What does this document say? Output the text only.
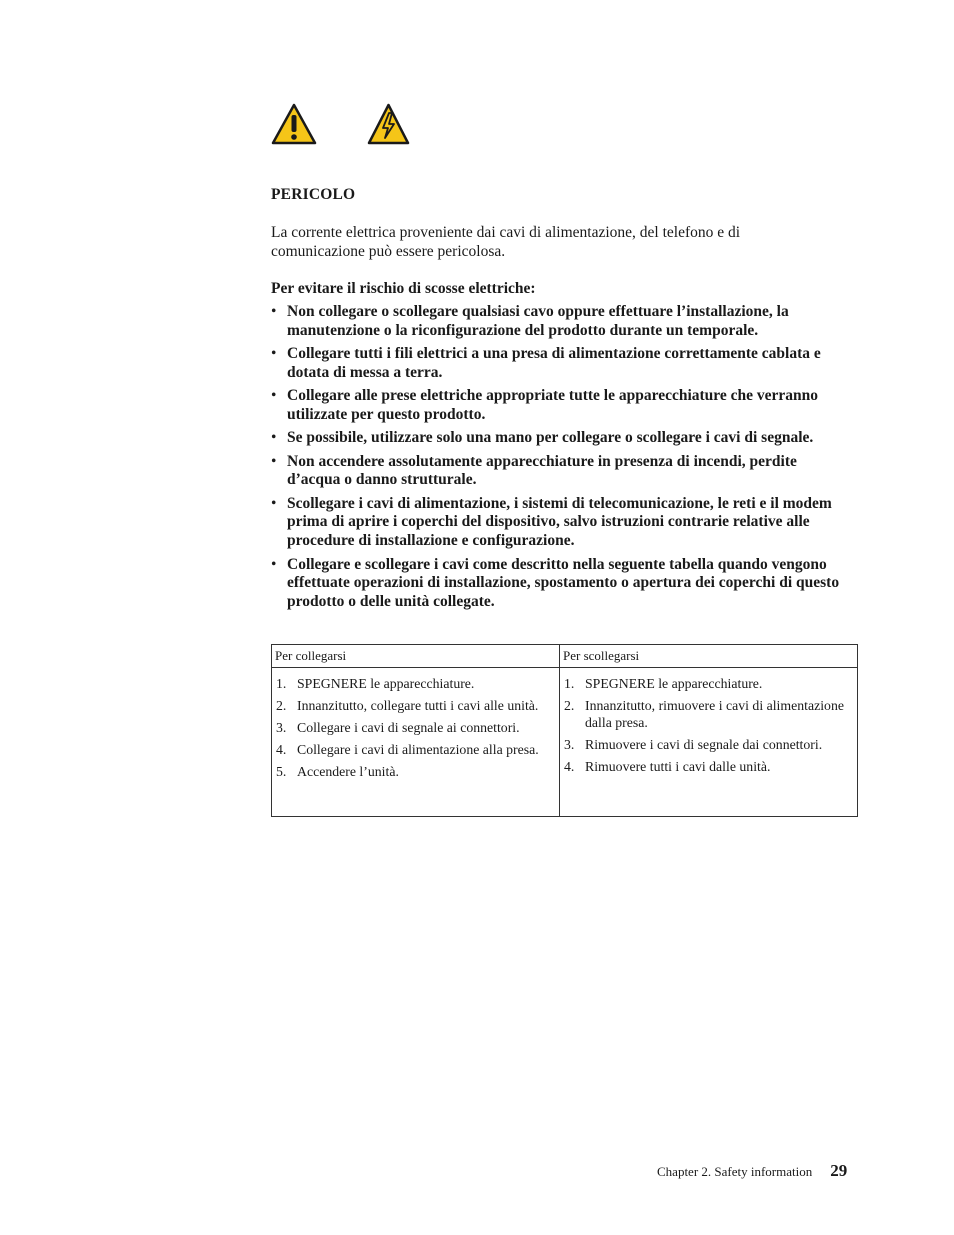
PERICOLO
La corrente elettrica proveniente dai cavi di alimentazione, del telefono e di comunicazione può essere pericolosa.
Per evitare il rischio di scosse elettriche:
• Non collegare o scollegare qualsiasi cavo oppure effettuare l’installazione, la manutenzione o la riconfigurazione del prodotto durante un temporale.
• Collegare tutti i fili elettrici a una presa di alimentazione correttamente cablata e dotata di messa a terra.
• Collegare alle prese elettriche appropriate tutte le apparecchiature che verranno utilizzate per questo prodotto.
• Se possibile, utilizzare solo una mano per collegare o scollegare i cavi di segnale.
• Non accendere assolutamente apparecchiature in presenza di incendi, perdite d’acqua o danno strutturale.
• Scollegare i cavi di alimentazione, i sistemi di telecomunicazione, le reti e il modem prima di aprire i coperchi del dispositivo, salvo istruzioni contrarie relative alle procedure di installazione e configurazione.
• Collegare e scollegare i cavi come descritto nella seguente tabella quando vengono effettuate operazioni di installazione, spostamento o apertura dei coperchi di questo prodotto o delle unità collegate.
Per collegarsi	Per scollegarsi
1. SPEGNERE le apparecchiature.
2. Innanzitutto, collegare tutti i cavi alle unità.
3. Collegare i cavi di segnale ai connettori.
4. Collegare i cavi di alimentazione alla presa.
5. Accendere l’unità.
1. SPEGNERE le apparecchiature.
2. Innanzitutto, rimuovere i cavi di alimentazione dalla presa.
3. Rimuovere i cavi di segnale dai connettori.
4. Rimuovere tutti i cavi dalle unità.
Chapter 2. Safety information 29
